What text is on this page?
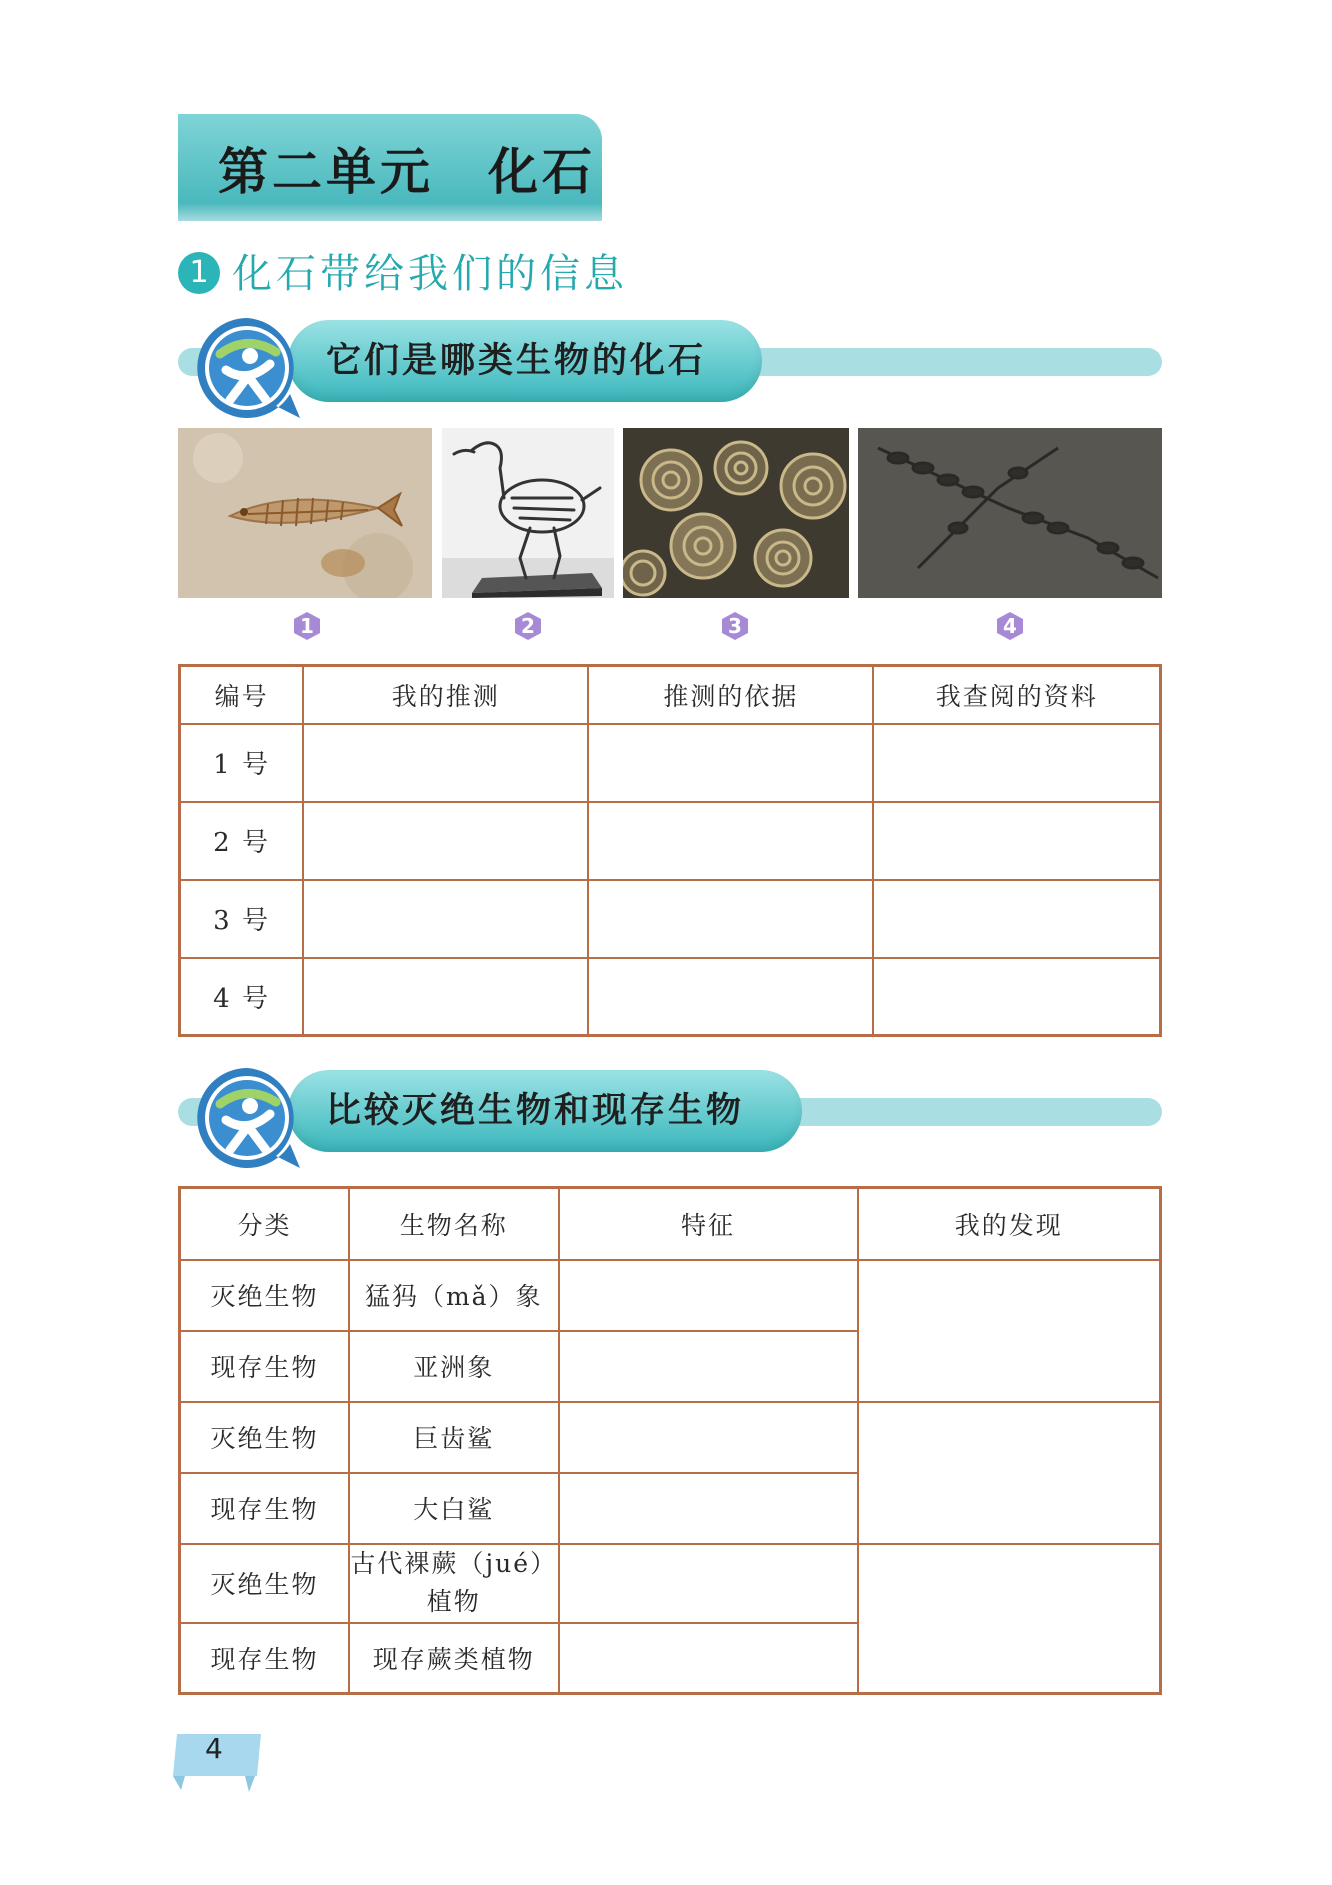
第二单元　化石
1 化石带给我们的信息
它们是哪类生物的化石
1	2	3	4
编号	我的推测	推测的依据	我查阅的资料
1 号			
2 号			
3 号			
4 号			
比较灭绝生物和现存生物
分类	生物名称	特征	我的发现
灭绝生物	猛犸（mǎ）象		
现存生物	亚洲象		
灭绝生物	巨齿鲨		
现存生物	大白鲨		
灭绝生物	古代裸蕨（jué）
植物		

现存生物	现存蕨类植物		
4
